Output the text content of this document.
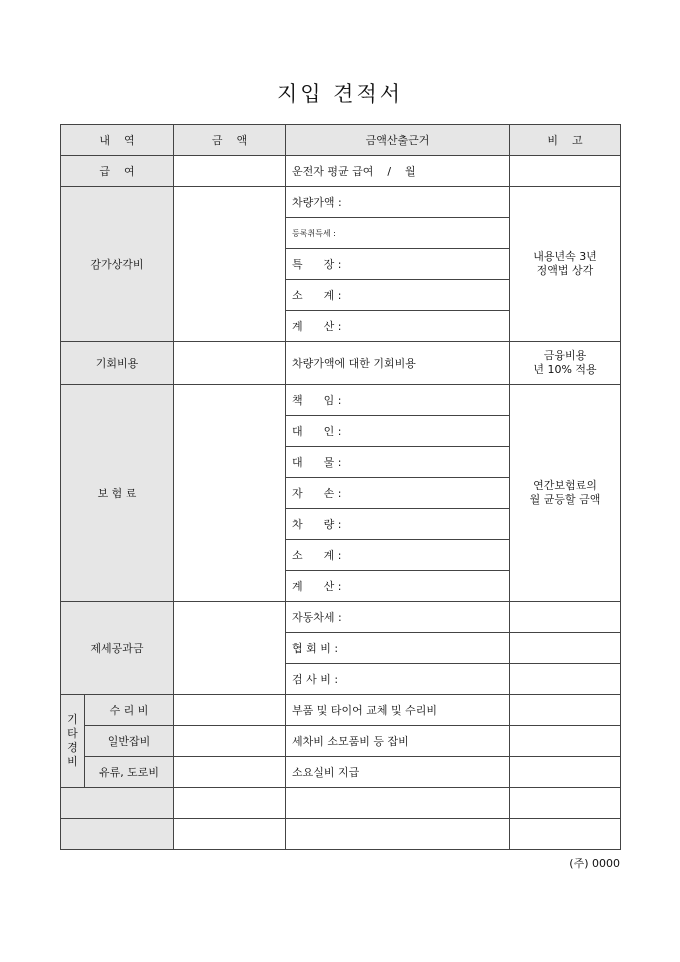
지입 견적서
내    역		금    액	금액산출근거	비    고
급    여			운전자 평균 급여    /    월	
감가상각비			차량가액 :	내용년속 3년
정액법 상각
			등록취득세 :	
			특      장 :	
			소      계 :	
			계      산 :	
기회비용			차량가액에 대한 기회비용	금융비용
년 10% 적용
보 험 료			책      임 :	연간보험료의
월 균등할 금액
			대      인 :	
			대      물 :	
			자      손 :	
			차      량 :	
			소      계 :	
			계      산 :	
제세공과금			자동차세 :	
			협 회 비 :	
			검 사 비 :	

기
타
경
비	수 리 비		부품 및 타이어 교체 및 수리비	
	일반잡비		세차비 소모품비 등 잡비	
	유류, 도로비		소요실비 지급	

(주) 0000
